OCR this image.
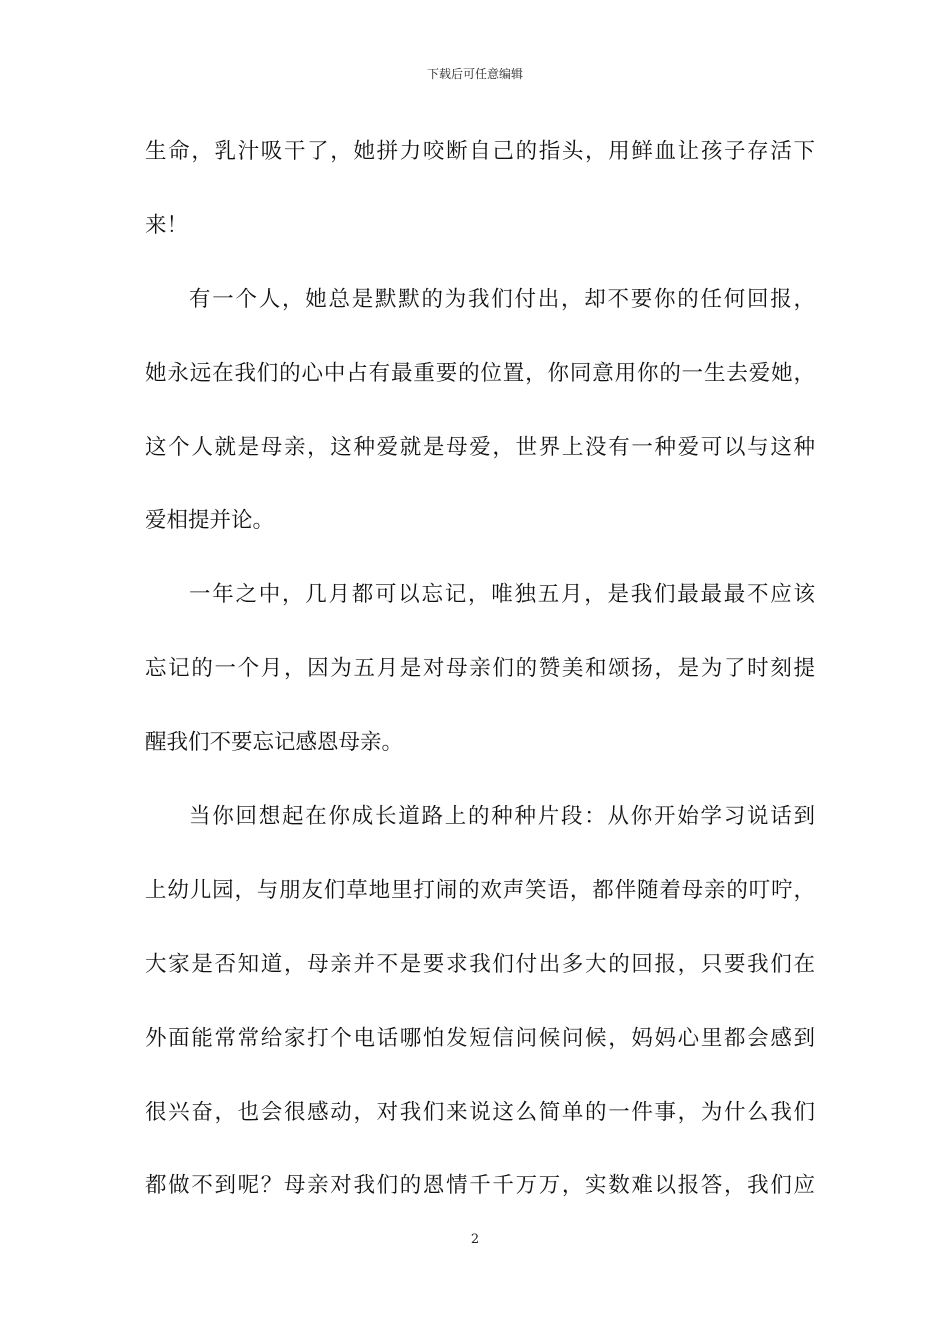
下载后可任意编辑
生命，乳汁吸干了，她拼力咬断自己的指头，用鲜血让孩子存活下
来！
有一个人，她总是默默的为我们付出，却不要你的任何回报，
她永远在我们的心中占有最重要的位置，你同意用你的一生去爱她，
这个人就是母亲，这种爱就是母爱，世界上没有一种爱可以与这种
爱相提并论。
一年之中，几月都可以忘记，唯独五月，是我们最最最不应该
忘记的一个月，因为五月是对母亲们的赞美和颂扬，是为了时刻提
醒我们不要忘记感恩母亲。
当你回想起在你成长道路上的种种片段：从你开始学习说话到
上幼儿园，与朋友们草地里打闹的欢声笑语，都伴随着母亲的叮咛，
大家是否知道，母亲并不是要求我们付出多大的回报，只要我们在
外面能常常给家打个电话哪怕发短信问候问候，妈妈心里都会感到
很兴奋，也会很感动，对我们来说这么简单的一件事，为什么我们
都做不到呢？母亲对我们的恩情千千万万，实数难以报答，我们应
2
